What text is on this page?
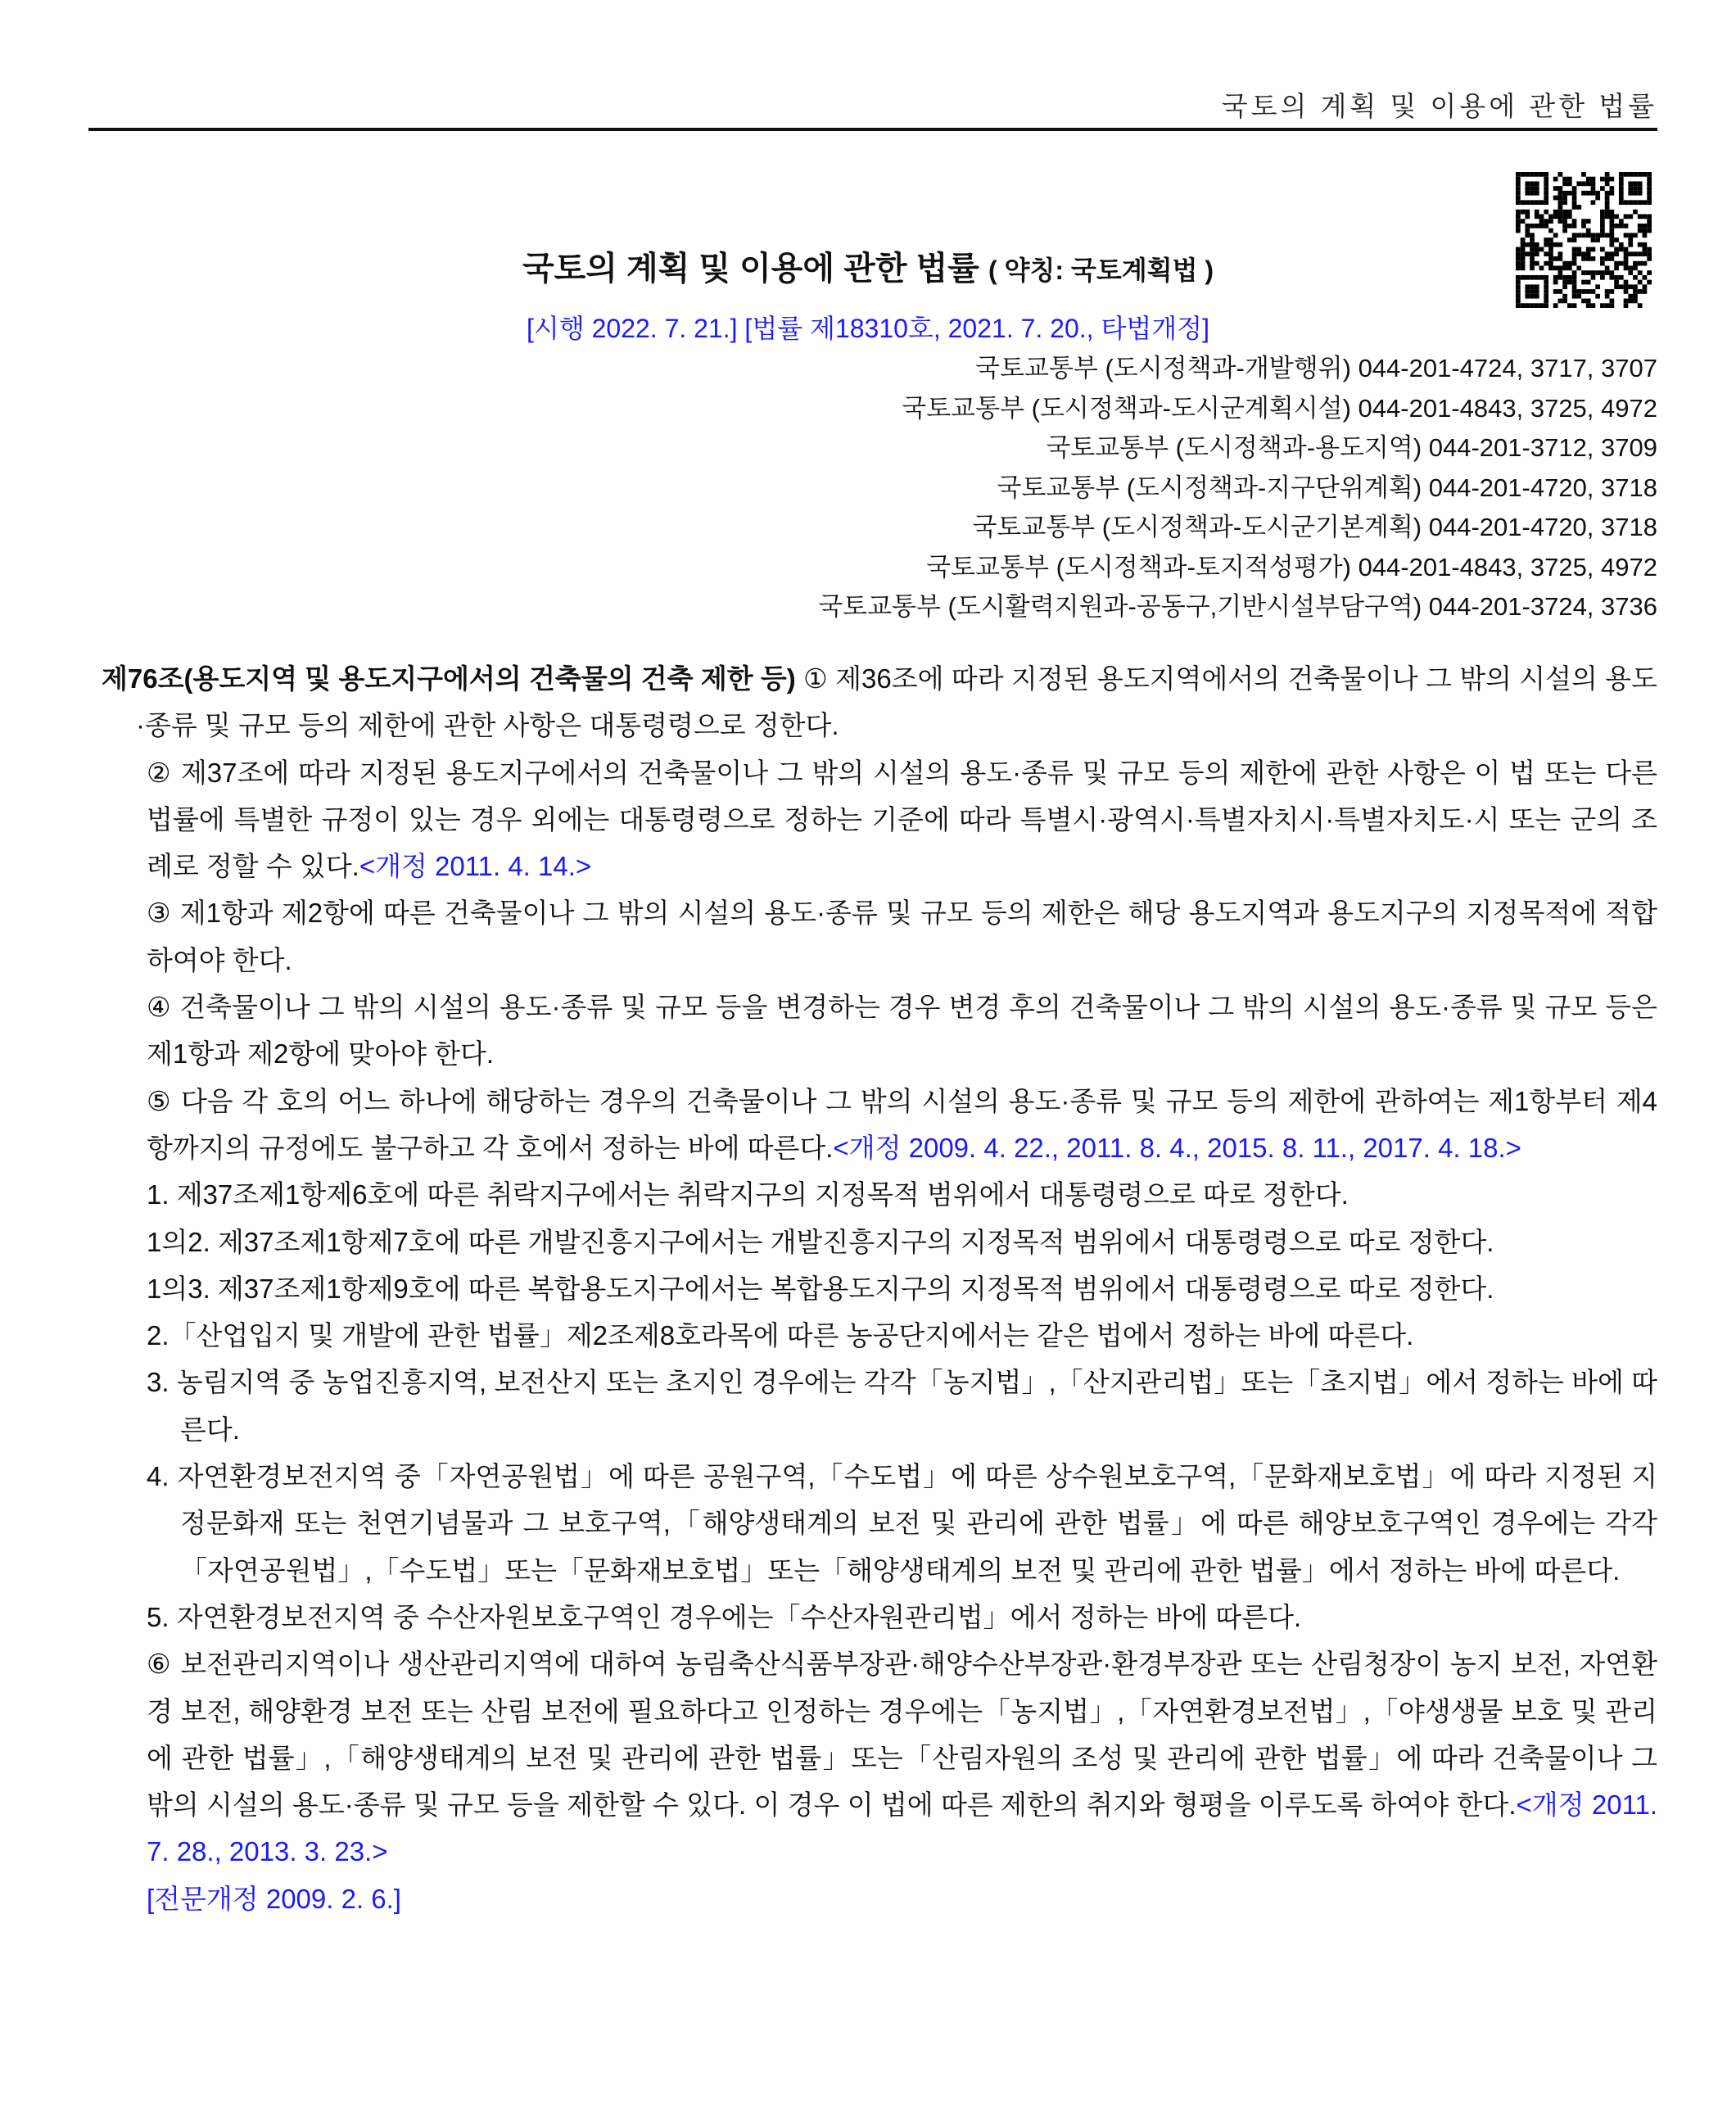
국토의 계획 및 이용에 관한 법률
국토의 계획 및 이용에 관한 법률 ( 약칭: 국토계획법 )
[시행 2022. 7. 21.] [법률 제18310호, 2021. 7. 20., 타법개정]
국토교통부 (도시정책과-개발행위) 044-201-4724, 3717, 3707
국토교통부 (도시정책과-도시군계획시설) 044-201-4843, 3725, 4972
국토교통부 (도시정책과-용도지역) 044-201-3712, 3709
국토교통부 (도시정책과-지구단위계획) 044-201-4720, 3718
국토교통부 (도시정책과-도시군기본계획) 044-201-4720, 3718
국토교통부 (도시정책과-토지적성평가) 044-201-4843, 3725, 4972
국토교통부 (도시활력지원과-공동구,기반시설부담구역) 044-201-3724, 3736

제76조(용도지역 및 용도지구에서의 건축물의 건축 제한 등) ① 제36조에 따라 지정된 용도지역에서의 건축물이나 그 밖의 시설의 용도·종류 및 규모 등의 제한에 관한 사항은 대통령령으로 정한다.

② 제37조에 따라 지정된 용도지구에서의 건축물이나 그 밖의 시설의 용도·종류 및 규모 등의 제한에 관한 사항은 이 법 또는 다른 법률에 특별한 규정이 있는 경우 외에는 대통령령으로 정하는 기준에 따라 특별시·광역시·특별자치시·특별자치도·시 또는 군의 조례로 정할 수 있다.<개정 2011. 4. 14.>

③ 제1항과 제2항에 따른 건축물이나 그 밖의 시설의 용도·종류 및 규모 등의 제한은 해당 용도지역과 용도지구의 지정목적에 적합하여야 한다.

④ 건축물이나 그 밖의 시설의 용도·종류 및 규모 등을 변경하는 경우 변경 후의 건축물이나 그 밖의 시설의 용도·종류 및 규모 등은 제1항과 제2항에 맞아야 한다.

⑤ 다음 각 호의 어느 하나에 해당하는 경우의 건축물이나 그 밖의 시설의 용도·종류 및 규모 등의 제한에 관하여는 제1항부터 제4항까지의 규정에도 불구하고 각 호에서 정하는 바에 따른다.<개정 2009. 4. 22., 2011. 8. 4., 2015. 8. 11., 2017. 4. 18.>

1. 제37조제1항제6호에 따른 취락지구에서는 취락지구의 지정목적 범위에서 대통령령으로 따로 정한다.

1의2. 제37조제1항제7호에 따른 개발진흥지구에서는 개발진흥지구의 지정목적 범위에서 대통령령으로 따로 정한다.

1의3. 제37조제1항제9호에 따른 복합용도지구에서는 복합용도지구의 지정목적 범위에서 대통령령으로 따로 정한다.

2.「산업입지 및 개발에 관한 법률」제2조제8호라목에 따른 농공단지에서는 같은 법에서 정하는 바에 따른다.

3. 농림지역 중 농업진흥지역, 보전산지 또는 초지인 경우에는 각각「농지법」,「산지관리법」또는「초지법」에서 정하는 바에 따른다.

4. 자연환경보전지역 중「자연공원법」에 따른 공원구역,「수도법」에 따른 상수원보호구역,「문화재보호법」에 따라 지정된 지정문화재 또는 천연기념물과 그 보호구역,「해양생태계의 보전 및 관리에 관한 법률」에 따른 해양보호구역인 경우에는 각각「자연공원법」,「수도법」또는「문화재보호법」또는「해양생태계의 보전 및 관리에 관한 법률」에서 정하는 바에 따른다.

5. 자연환경보전지역 중 수산자원보호구역인 경우에는「수산자원관리법」에서 정하는 바에 따른다.

⑥ 보전관리지역이나 생산관리지역에 대하여 농림축산식품부장관·해양수산부장관·환경부장관 또는 산림청장이 농지 보전, 자연환경 보전, 해양환경 보전 또는 산림 보전에 필요하다고 인정하는 경우에는「농지법」,「자연환경보전법」,「야생생물 보호 및 관리에 관한 법률」,「해양생태계의 보전 및 관리에 관한 법률」또는「산림자원의 조성 및 관리에 관한 법률」에 따라 건축물이나 그 밖의 시설의 용도·종류 및 규모 등을 제한할 수 있다. 이 경우 이 법에 따른 제한의 취지와 형평을 이루도록 하여야 한다.<개정 2011. 7. 28., 2013. 3. 23.>

[전문개정 2009. 2. 6.]
